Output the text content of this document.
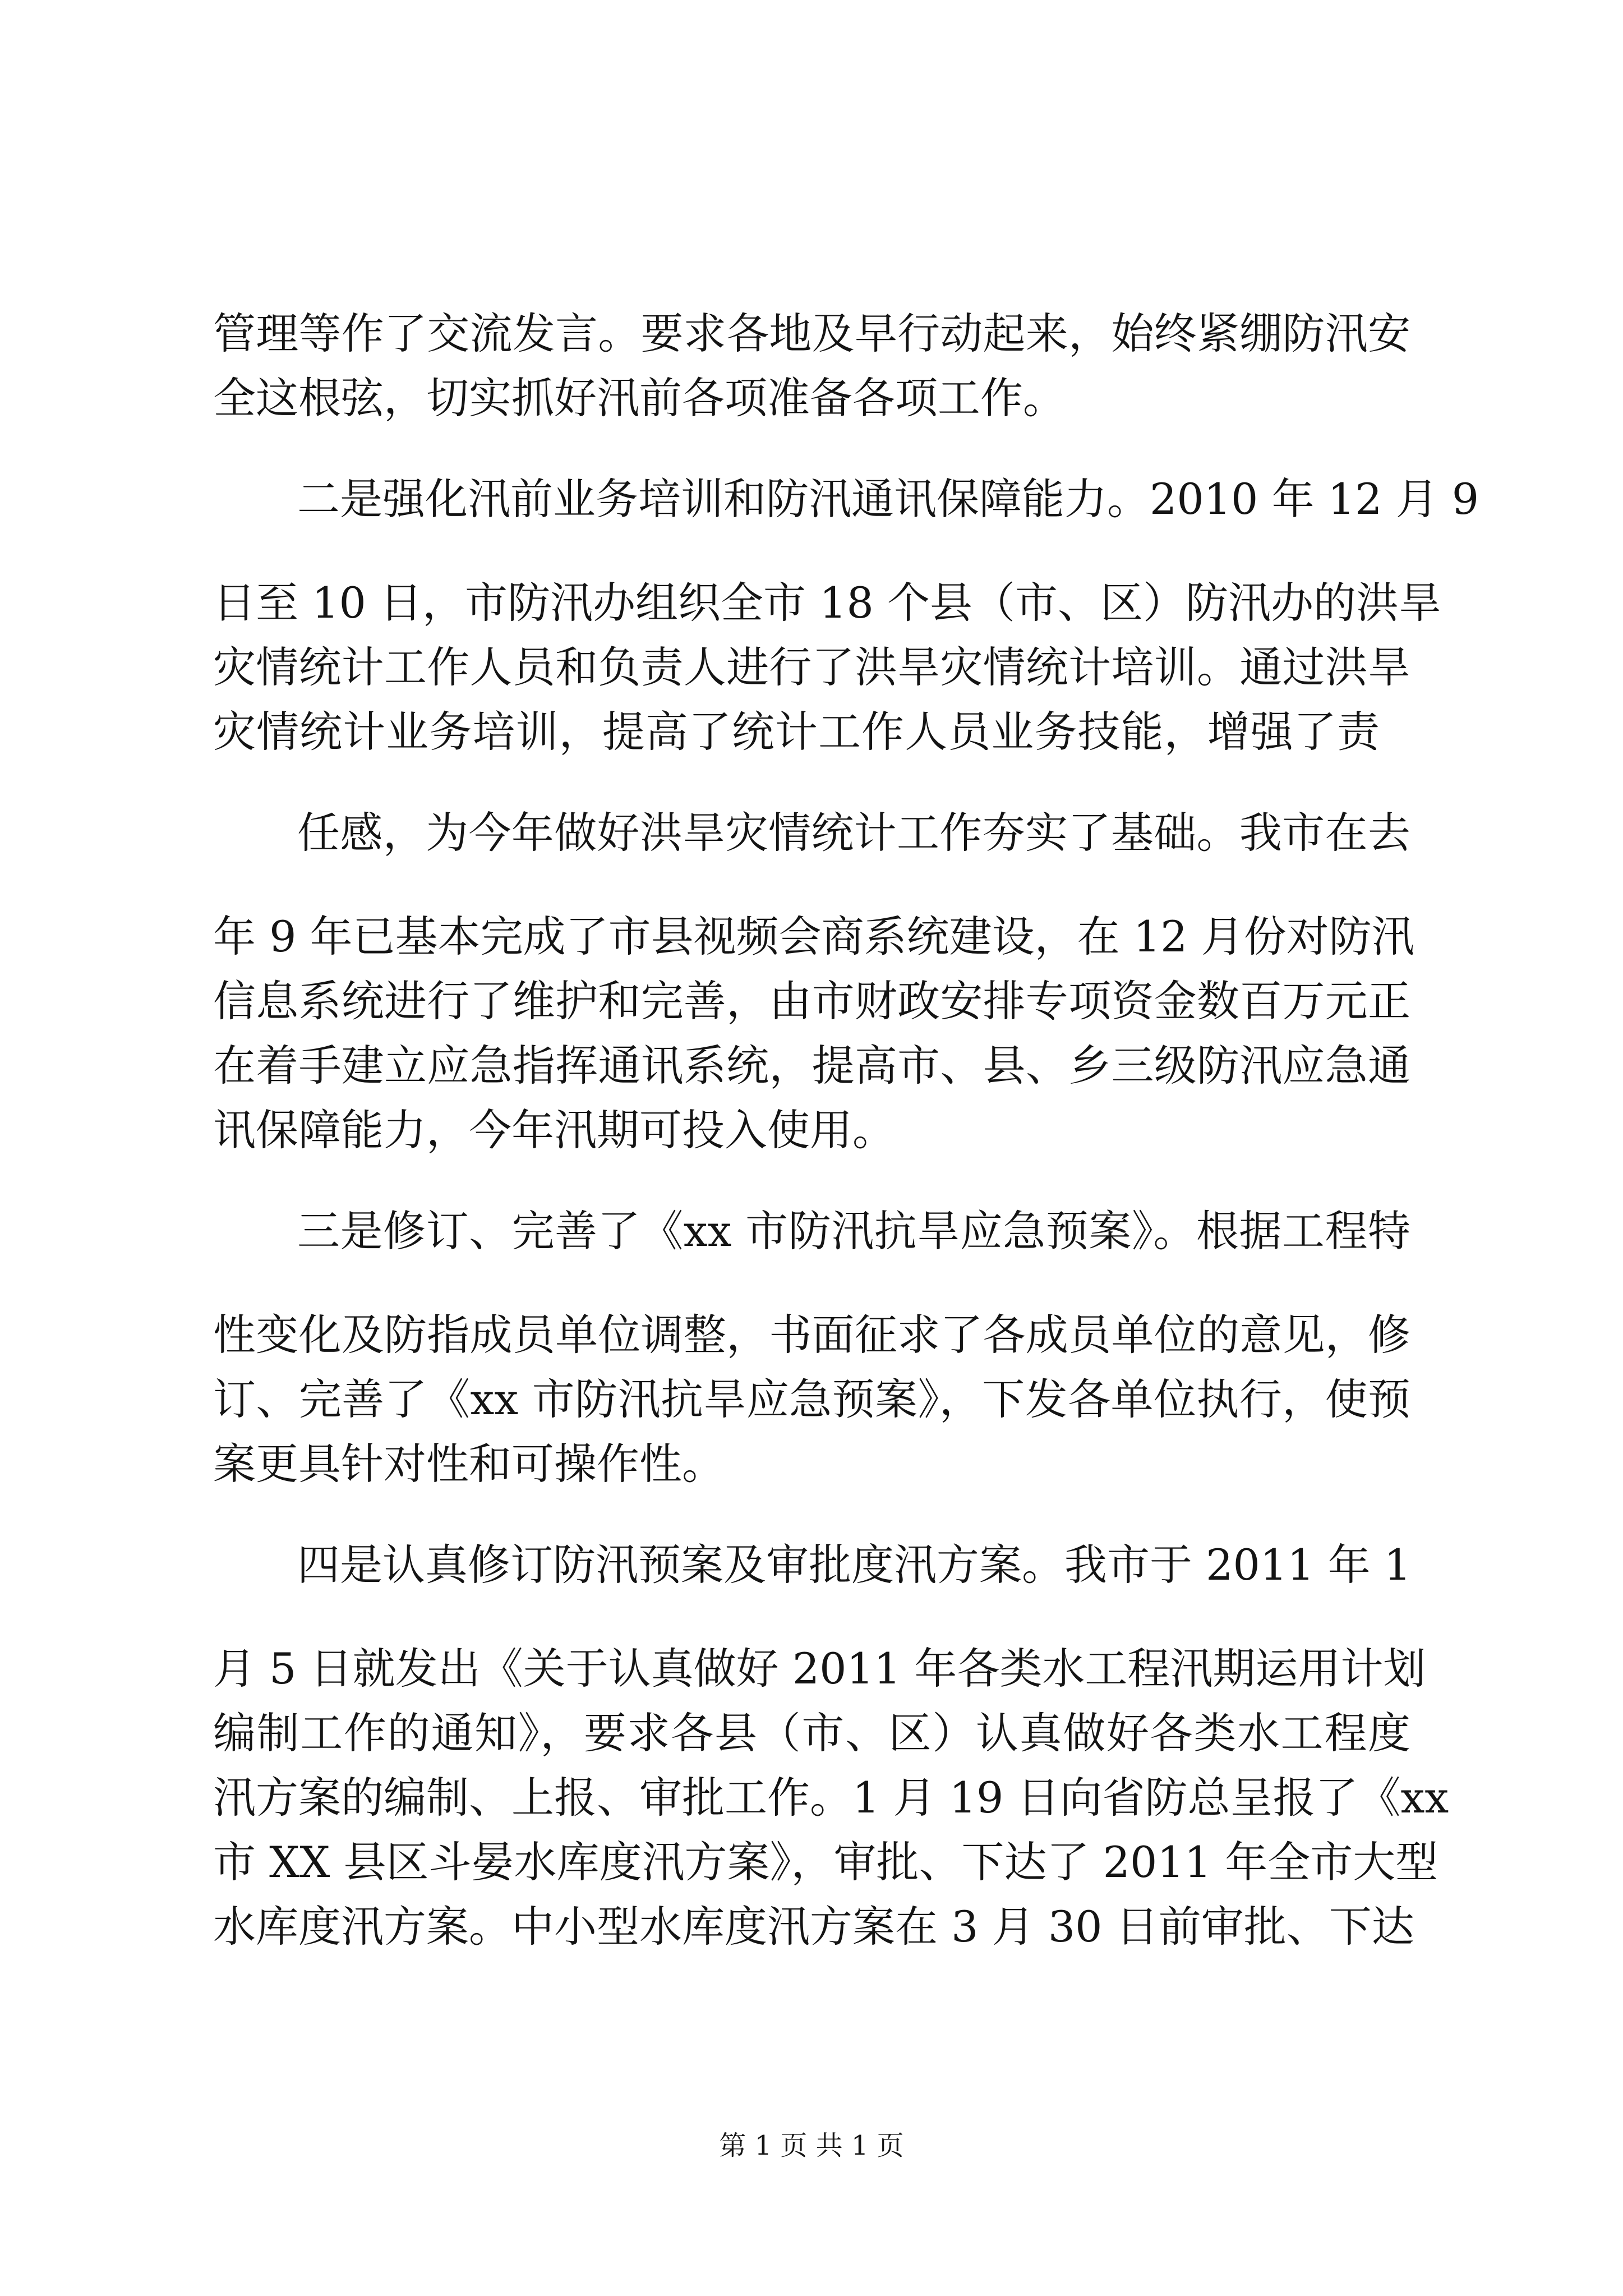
管理等作了交流发言。要求各地及早行动起来，始终紧绷防汛安
全这根弦，切实抓好汛前各项准备各项工作。
二是强化汛前业务培训和防汛通讯保障能力。2010 年 12 月 9
日至 10 日，市防汛办组织全市 18 个县（市、区）防汛办的洪旱
灾情统计工作人员和负责人进行了洪旱灾情统计培训。通过洪旱
灾情统计业务培训，提高了统计工作人员业务技能，增强了责
任感，为今年做好洪旱灾情统计工作夯实了基础。我市在去
年 9 年已基本完成了市县视频会商系统建设，在 12 月份对防汛
信息系统进行了维护和完善，由市财政安排专项资金数百万元正
在着手建立应急指挥通讯系统，提高市、县、乡三级防汛应急通
讯保障能力，今年汛期可投入使用。
三是修订、完善了《xx 市防汛抗旱应急预案》。根据工程特
性变化及防指成员单位调整，书面征求了各成员单位的意见，修
订、完善了《xx 市防汛抗旱应急预案》，下发各单位执行，使预
案更具针对性和可操作性。
四是认真修订防汛预案及审批度汛方案。我市于 2011 年 1
月 5 日就发出《关于认真做好 2011 年各类水工程汛期运用计划
编制工作的通知》，要求各县（市、区）认真做好各类水工程度
汛方案的编制、上报、审批工作。1 月 19 日向省防总呈报了《xx
市 XX 县区斗晏水库度汛方案》，审批、下达了 2011 年全市大型
水库度汛方案。中小型水库度汛方案在 3 月 30 日前审批、下达
第 1 页 共 1 页
